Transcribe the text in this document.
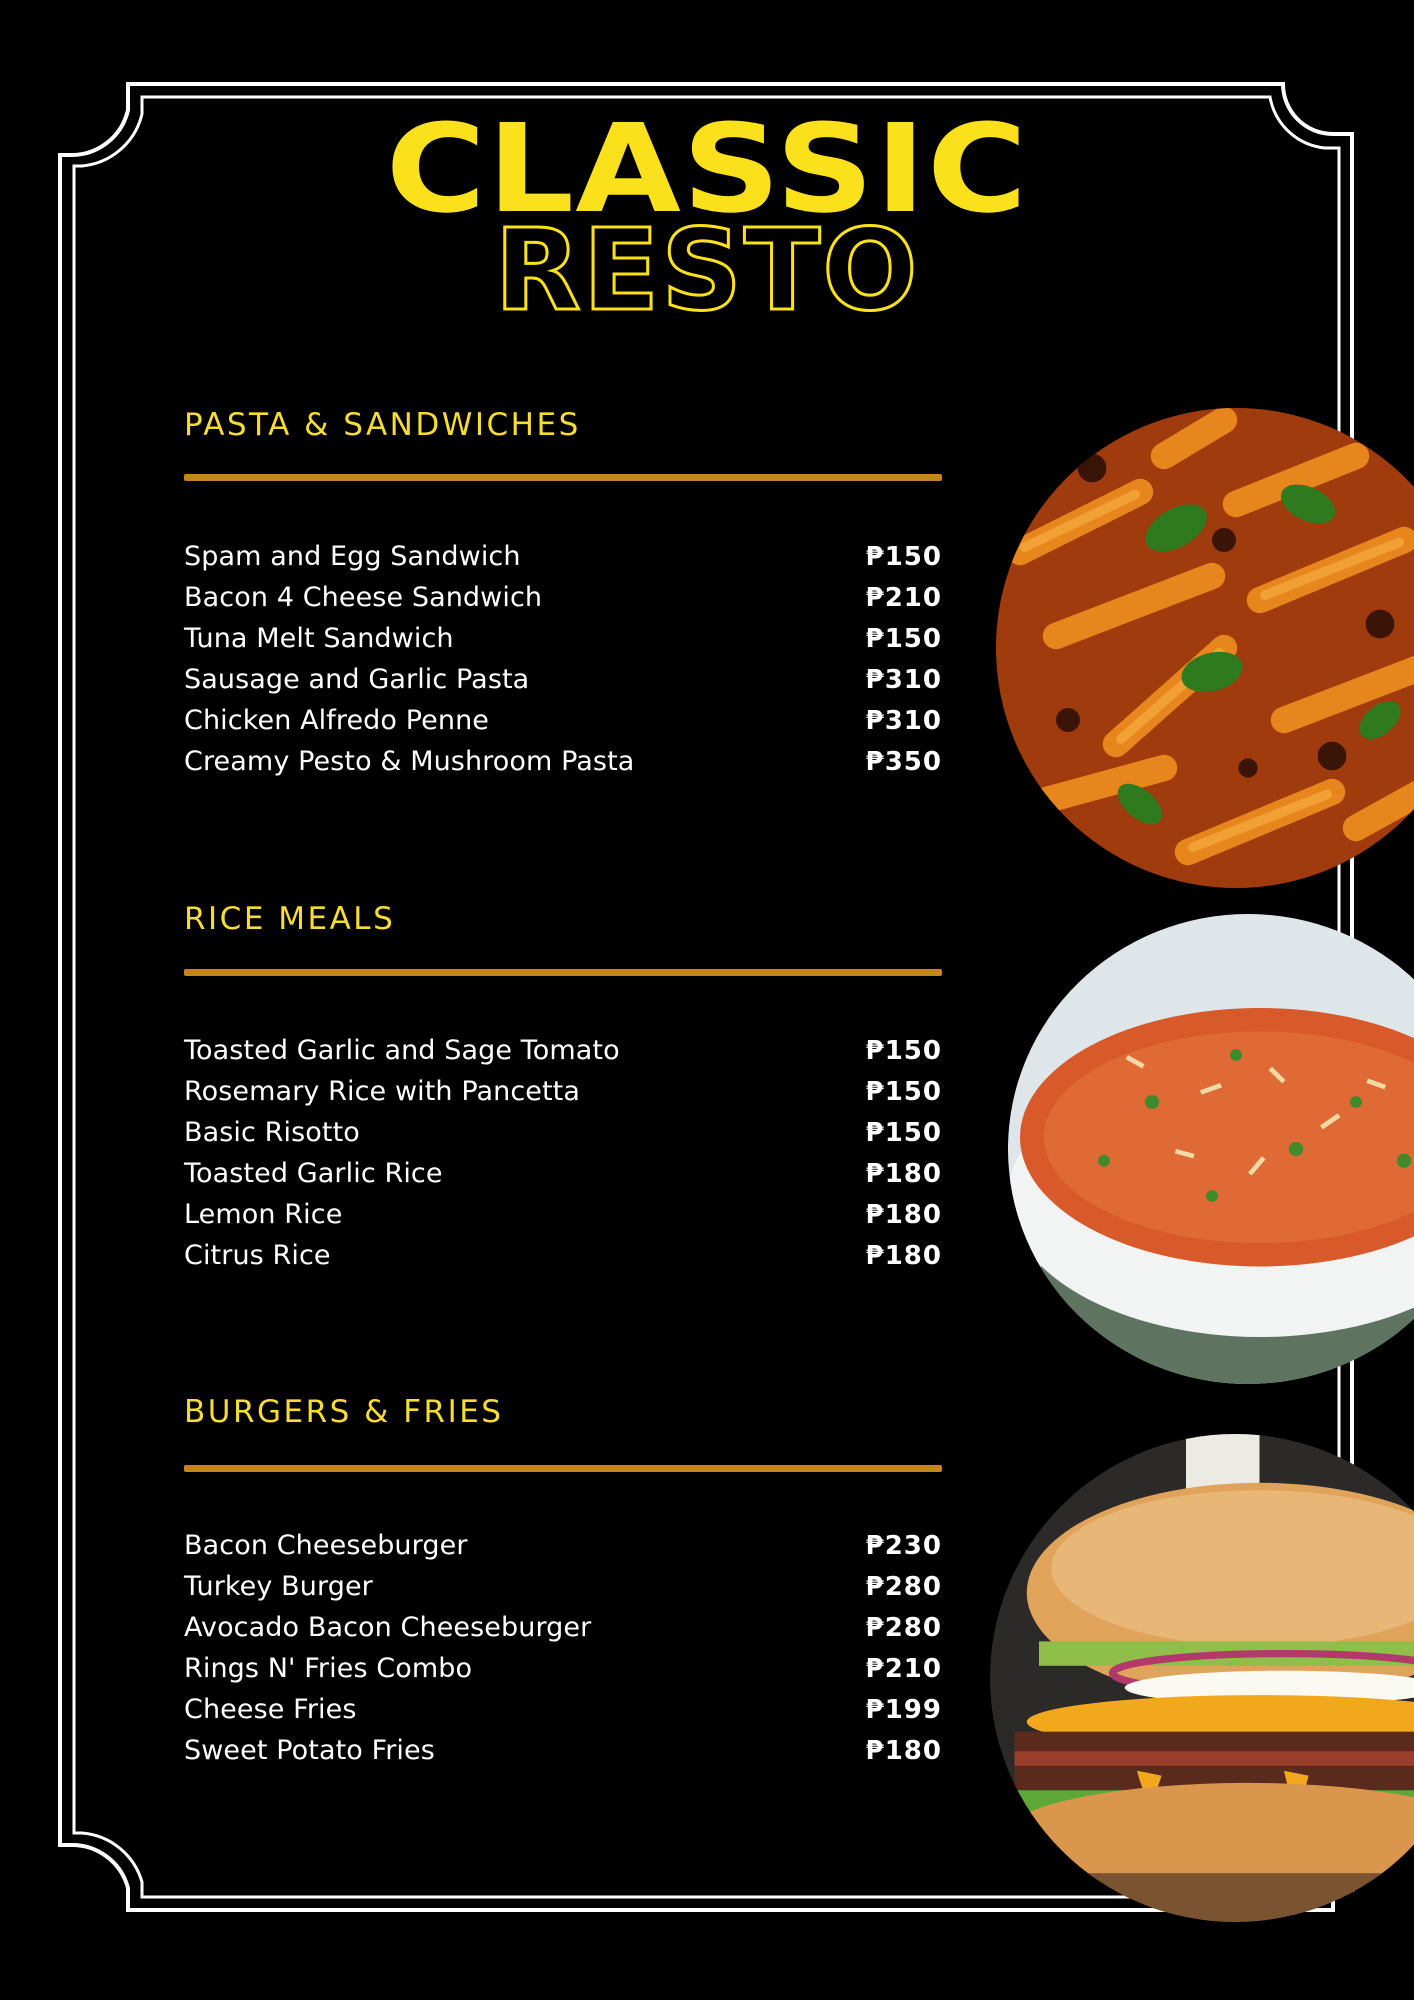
CLASSIC
RESTO
PASTA & SANDWICHES
Spam and Egg Sandwich	₱150
Bacon 4 Cheese Sandwich	₱210
Tuna Melt Sandwich	₱150
Sausage and Garlic Pasta	₱310
Chicken Alfredo Penne	₱310
Creamy Pesto & Mushroom Pasta	₱350
RICE MEALS
Toasted Garlic and Sage Tomato	₱150
Rosemary Rice with Pancetta	₱150
Basic Risotto	₱150
Toasted Garlic Rice	₱180
Lemon Rice	₱180
Citrus Rice	₱180
BURGERS & FRIES
Bacon Cheeseburger	₱230
Turkey Burger	₱280
Avocado Bacon Cheeseburger	₱280
Rings N' Fries Combo	₱210
Cheese Fries	₱199
Sweet Potato Fries	₱180
